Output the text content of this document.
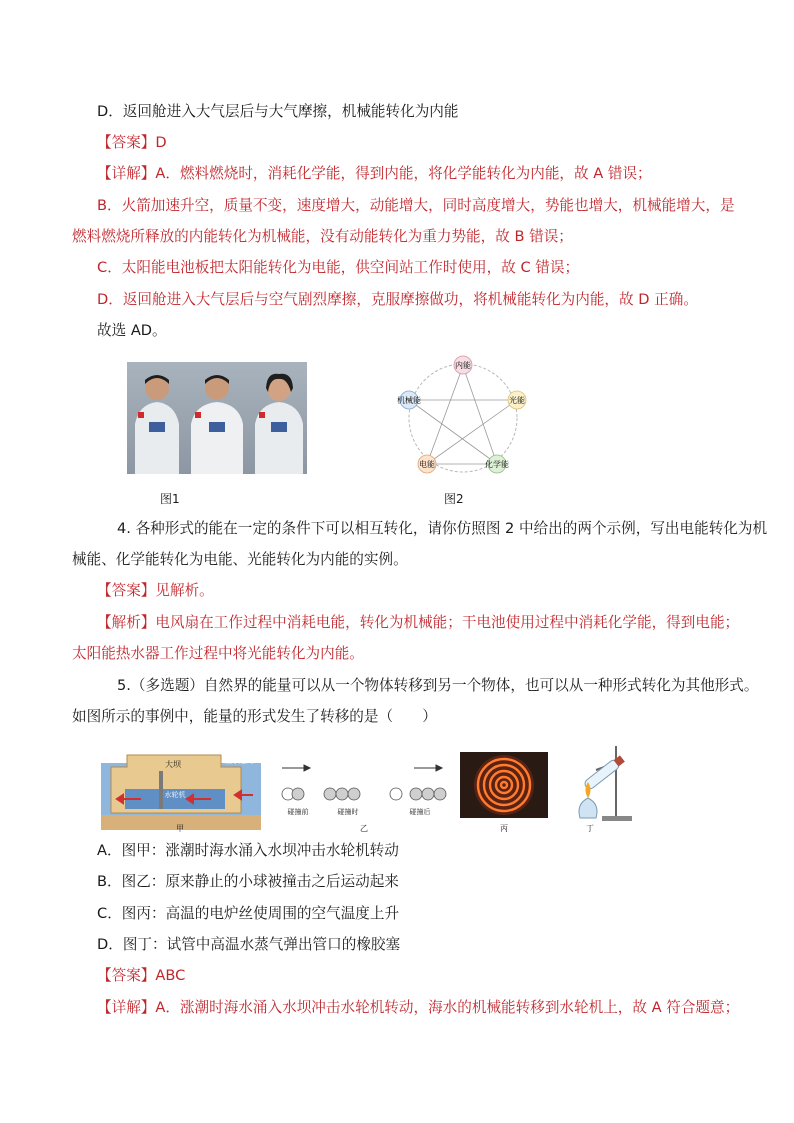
D．返回舱进入大气层后与大气摩擦，机械能转化为内能
【答案】D
【详解】A．燃料燃烧时，消耗化学能，得到内能，将化学能转化为内能，故 A 错误；
B．火箭加速升空，质量不变，速度增大，动能增大，同时高度增大，势能也增大，机械能增大，是
燃料燃烧所释放的内能转化为机械能，没有动能转化为重力势能，故 B 错误；
C．太阳能电池板把太阳能转化为电能，供空间站工作时使用，故 C 错误；
D．返回舱进入大气层后与空气剧烈摩擦，克服摩擦做功，将机械能转化为内能，故 D 正确。
故选 AD。
图1
内能
光能
化学能
电能
机械能
图2
4. 各种形式的能在一定的条件下可以相互转化，请你仿照图 2 中给出的两个示例，写出电能转化为机
械能、化学能转化为电能、光能转化为内能的实例。
【答案】见解析。
【解析】电风扇在工作过程中消耗电能，转化为机械能；干电池使用过程中消耗化学能，得到电能；
太阳能热水器工作过程中将光能转化为内能。
5.（多选题）自然界的能量可以从一个物体转移到另一个物体，也可以从一种形式转化为其他形式。
如图所示的事例中，能量的形式发生了转移的是（　　）
大坝	潮水进入
水轮机
碰撞前	碰撞时	碰撞后
甲	乙	丙	丁
A．图甲：涨潮时海水涌入水坝冲击水轮机转动
B．图乙：原来静止的小球被撞击之后运动起来
C．图丙：高温的电炉丝使周围的空气温度上升
D．图丁：试管中高温水蒸气弹出管口的橡胶塞
【答案】ABC
【详解】A．涨潮时海水涌入水坝冲击水轮机转动，海水的机械能转移到水轮机上，故 A 符合题意；
